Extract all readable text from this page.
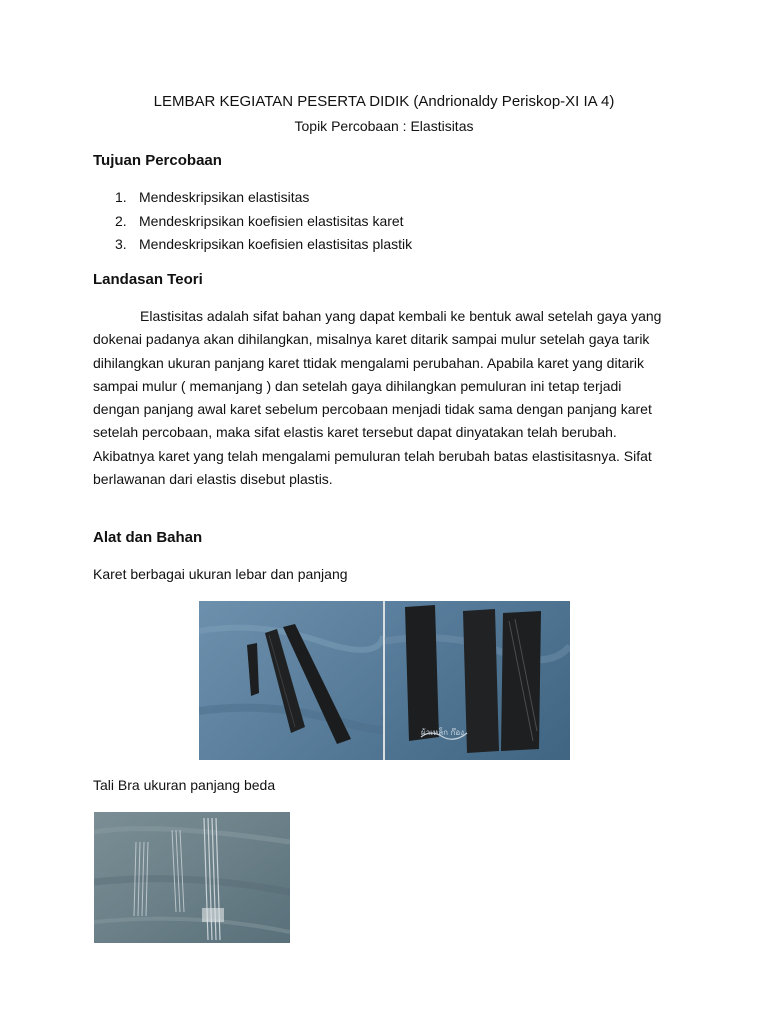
LEMBAR KEGIATAN PESERTA DIDIK (Andrionaldy Periskop-XI IA 4)
Topik Percobaan : Elastisitas
Tujuan Percobaan
1. Mendeskripsikan elastisitas
2. Mendeskripsikan koefisien elastisitas karet
3. Mendeskripsikan koefisien elastisitas plastik
Landasan Teori

Elastisitas adalah sifat bahan yang dapat kembali ke bentuk awal setelah gaya yang dokenai padanya akan dihilangkan, misalnya karet ditarik sampai mulur setelah gaya tarik dihilangkan ukuran panjang karet ttidak mengalami perubahan. Apabila karet yang ditarik sampai mulur ( memanjang ) dan setelah gaya dihilangkan pemuluran ini tetap terjadi dengan panjang awal karet sebelum percobaan menjadi tidak sama dengan panjang karet setelah percobaan, maka sifat elastis karet tersebut dapat dinyatakan telah berubah. Akibatnya karet yang telah mengalami pemuluran telah berubah batas elastisitasnya. Sifat berlawanan dari elastis disebut plastis.

Alat dan Bahan
Karet berbagai ukuran lebar dan panjang
ผ้าเหล็ก ก๊อง
Tali Bra ukuran panjang beda
